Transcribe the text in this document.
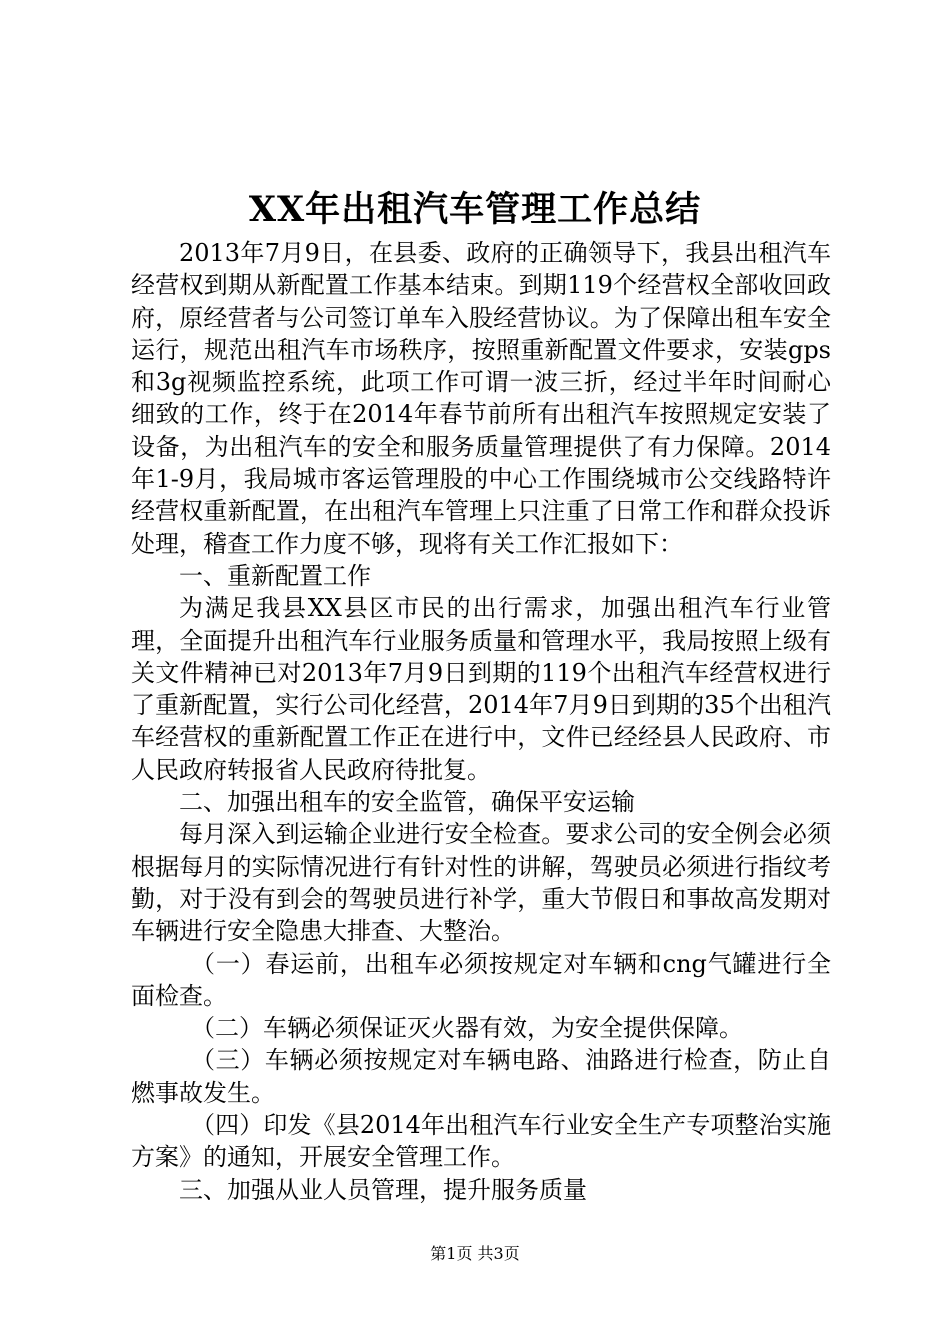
XX年出租汽车管理工作总结

2013年7月9日，在县委、政府的正确领导下，我县出租汽车经营权到期从新配置工作基本结束。到期119个经营权全部收回政府，原经营者与公司签订单车入股经营协议。为了保障出租车安全运行，规范出租汽车市场秩序，按照重新配置文件要求，安装gps和3g视频监控系统，此项工作可谓一波三折，经过半年时间耐心细致的工作，终于在2014年春节前所有出租汽车按照规定安装了设备，为出租汽车的安全和服务质量管理提供了有力保障。2014年1-9月，我局城市客运管理股的中心工作围绕城市公交线路特许经营权重新配置，在出租汽车管理上只注重了日常工作和群众投诉处理，稽查工作力度不够，现将有关工作汇报如下：

一、重新配置工作

为满足我县XX县区市民的出行需求，加强出租汽车行业管理，全面提升出租汽车行业服务质量和管理水平，我局按照上级有关文件精神已对2013年7月9日到期的119个出租汽车经营权进行了重新配置，实行公司化经营，2014年7月9日到期的35个出租汽车经营权的重新配置工作正在进行中，文件已经经县人民政府、市人民政府转报省人民政府待批复。

二、加强出租车的安全监管，确保平安运输

每月深入到运输企业进行安全检查。要求公司的安全例会必须根据每月的实际情况进行有针对性的讲解，驾驶员必须进行指纹考勤，对于没有到会的驾驶员进行补学，重大节假日和事故高发期对车辆进行安全隐患大排查、大整治。

（一）春运前，出租车必须按规定对车辆和cng气罐进行全面检查。

（二）车辆必须保证灭火器有效，为安全提供保障。

（三）车辆必须按规定对车辆电路、油路进行检查，防止自燃事故发生。

（四）印发《县2014年出租汽车行业安全生产专项整治实施方案》的通知，开展安全管理工作。

三、加强从业人员管理，提升服务质量

第1页 共3页
